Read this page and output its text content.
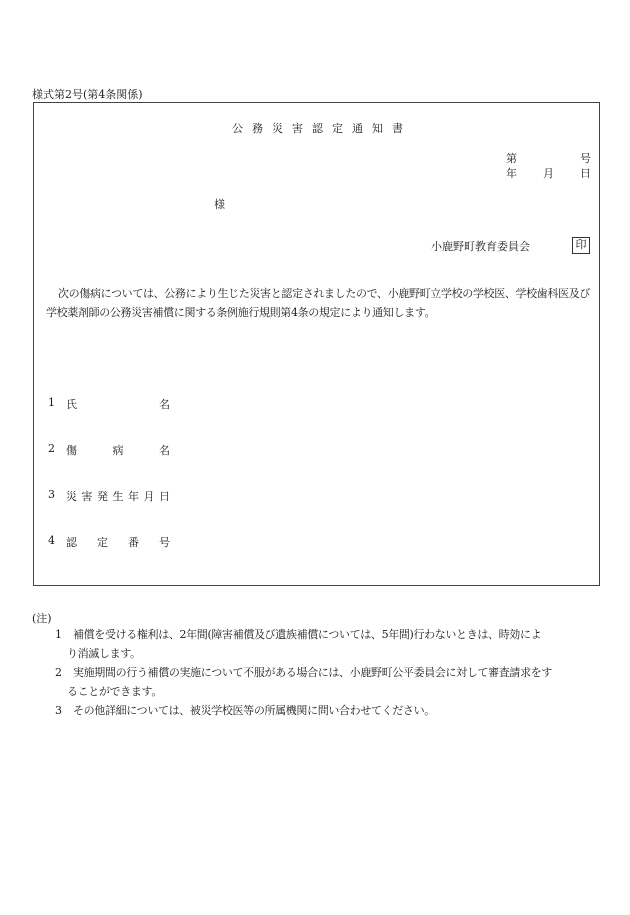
様式第2号(第4条関係)
公務災害認定通知書
第	号
年 月 日
様
小鹿野町教育委員会	印
次の傷病については、公務により生じた災害と認定されましたので、小鹿野町立学校の学校医、学校歯科医及び学校薬剤師の公務災害補償に関する条例施行規則第4条の規定により通知します。
1 氏	名
2 傷	病	名
3 災 害 発 生 年 月 日
4 認 定 番 号
(注)
1 補償を受ける権利は、2年間(障害補償及び遺族補償については、5年間)行わないときは、時効によ
り消滅します。
2 実施期間の行う補償の実施について不服がある場合には、小鹿野町公平委員会に対して審査請求をす
ることができます。
3 その他詳細については、被災学校医等の所属機関に問い合わせてください。
